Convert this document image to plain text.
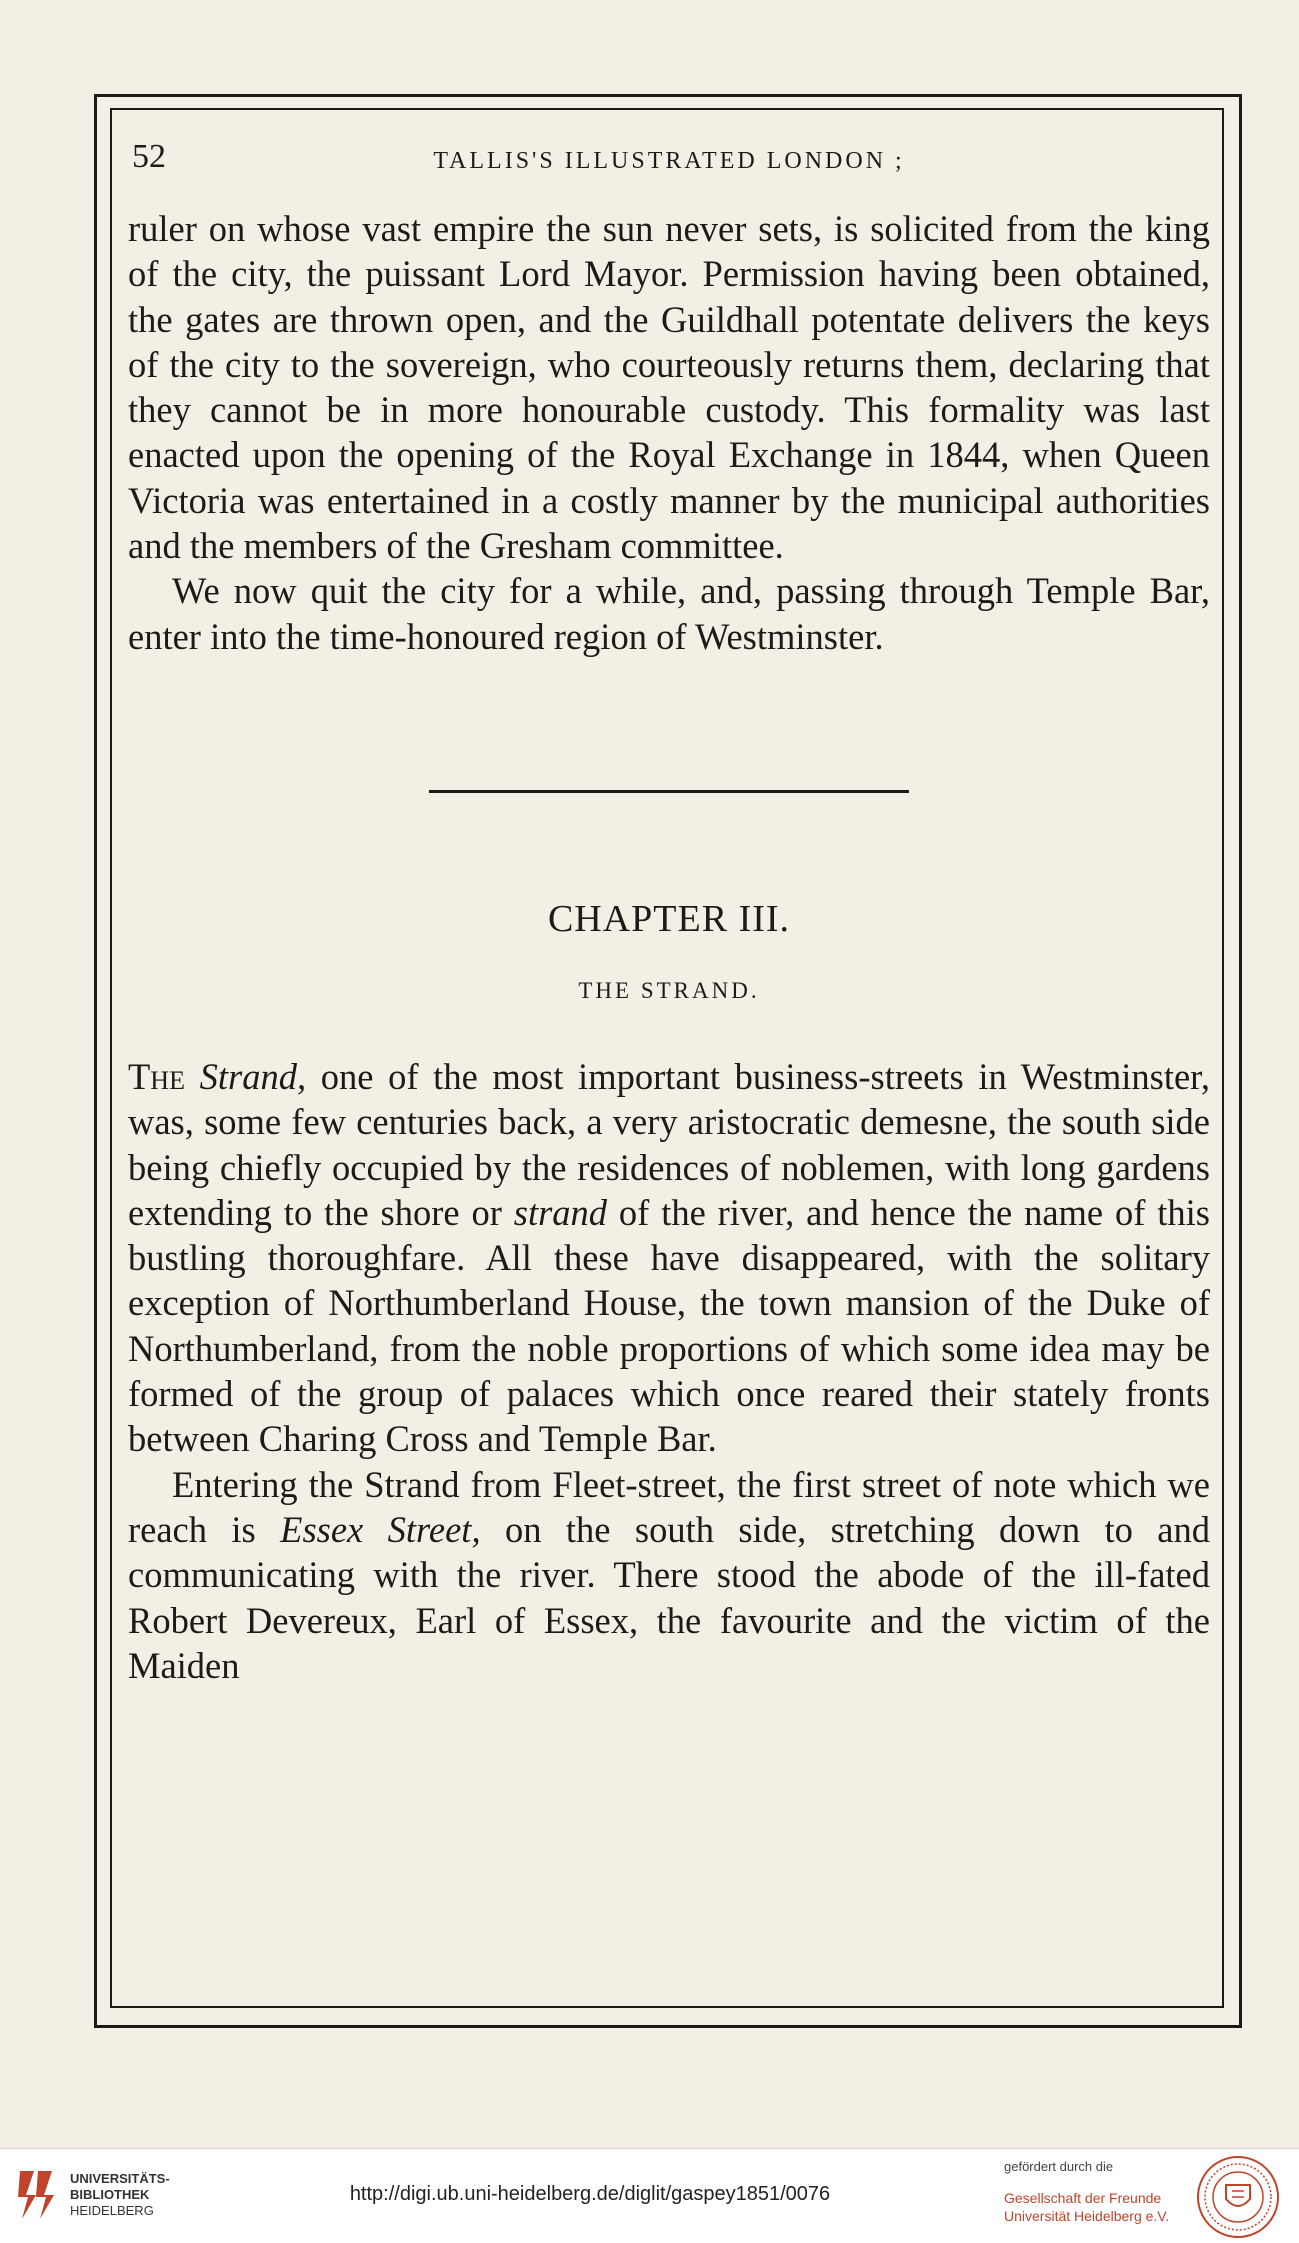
52	TALLIS'S ILLUSTRATED LONDON ;

ruler on whose vast empire the sun never sets, is solicited from the king of the city, the puissant Lord Mayor. Permission having been obtained, the gates are thrown open, and the Guildhall potentate delivers the keys of the city to the sovereign, who courteously returns them, declaring that they cannot be in more honourable custody. This formality was last enacted upon the opening of the Royal Exchange in 1844, when Queen Victoria was entertained in a costly manner by the municipal authorities and the members of the Gresham committee.

We now quit the city for a while, and, passing through Temple Bar, enter into the time-honoured region of Westminster.

CHAPTER III.
THE STRAND.

The Strand, one of the most important business-streets in Westminster, was, some few centuries back, a very aristocratic demesne, the south side being chiefly occupied by the residences of noblemen, with long gardens extending to the shore or strand of the river, and hence the name of this bustling thoroughfare. All these have disappeared, with the solitary exception of Northumberland House, the town mansion of the Duke of Northumberland, from the noble proportions of which some idea may be formed of the group of palaces which once reared their stately fronts between Charing Cross and Temple Bar.

Entering the Strand from Fleet-street, the first street of note which we reach is Essex Street, on the south side, stretching down to and communicating with the river. There stood the abode of the ill-fated Robert Devereux, Earl of Essex, the favourite and the victim of the Maiden

UNIVERSITÄTS-
BIBLIOTHEK
HEIDELBERG
http://digi.ub.uni-heidelberg.de/diglit/gaspey1851/0076
gefördert durch die
Gesellschaft der Freunde
Universität Heidelberg e.V.
